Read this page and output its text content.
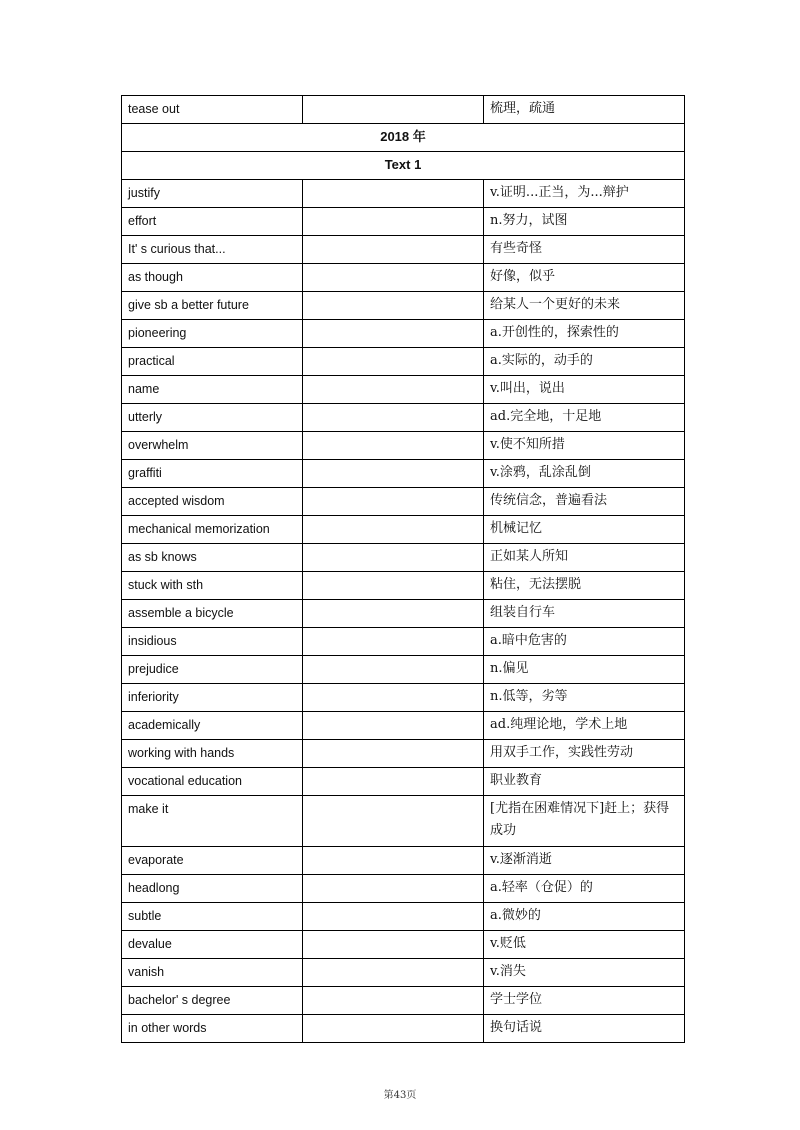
tease out		梳理，疏通
2018 年		
Text 1		
justify		v.证明...正当，为...辩护
effort		n.努力，试图
It' s curious that...		有些奇怪
as though		好像，似乎
give sb a better future		给某人一个更好的未来
pioneering		a.开创性的，探索性的
practical		a.实际的，动手的
name		v.叫出，说出
utterly		ad.完全地，十足地
overwhelm		v.使不知所措
graffiti		v.涂鸦，乱涂乱倒
accepted wisdom		传统信念，普遍看法
mechanical memorization		机械记忆
as sb knows		正如某人所知
stuck with sth		粘住，无法摆脱
assemble a bicycle		组装自行车
insidious		a.暗中危害的
prejudice		n.偏见
inferiority		n.低等，劣等
academically		ad.纯理论地，学术上地
working with hands		用双手工作，实践性劳动
vocational education		职业教育
make it		[尤指在困难情况下]赶上；获得成功
evaporate		v.逐渐消逝
headlong		a.轻率（仓促）的
subtle		a.微妙的
devalue		v.贬低
vanish		v.消失
bachelor' s degree		学士学位
in other words		换句话说
第43页
